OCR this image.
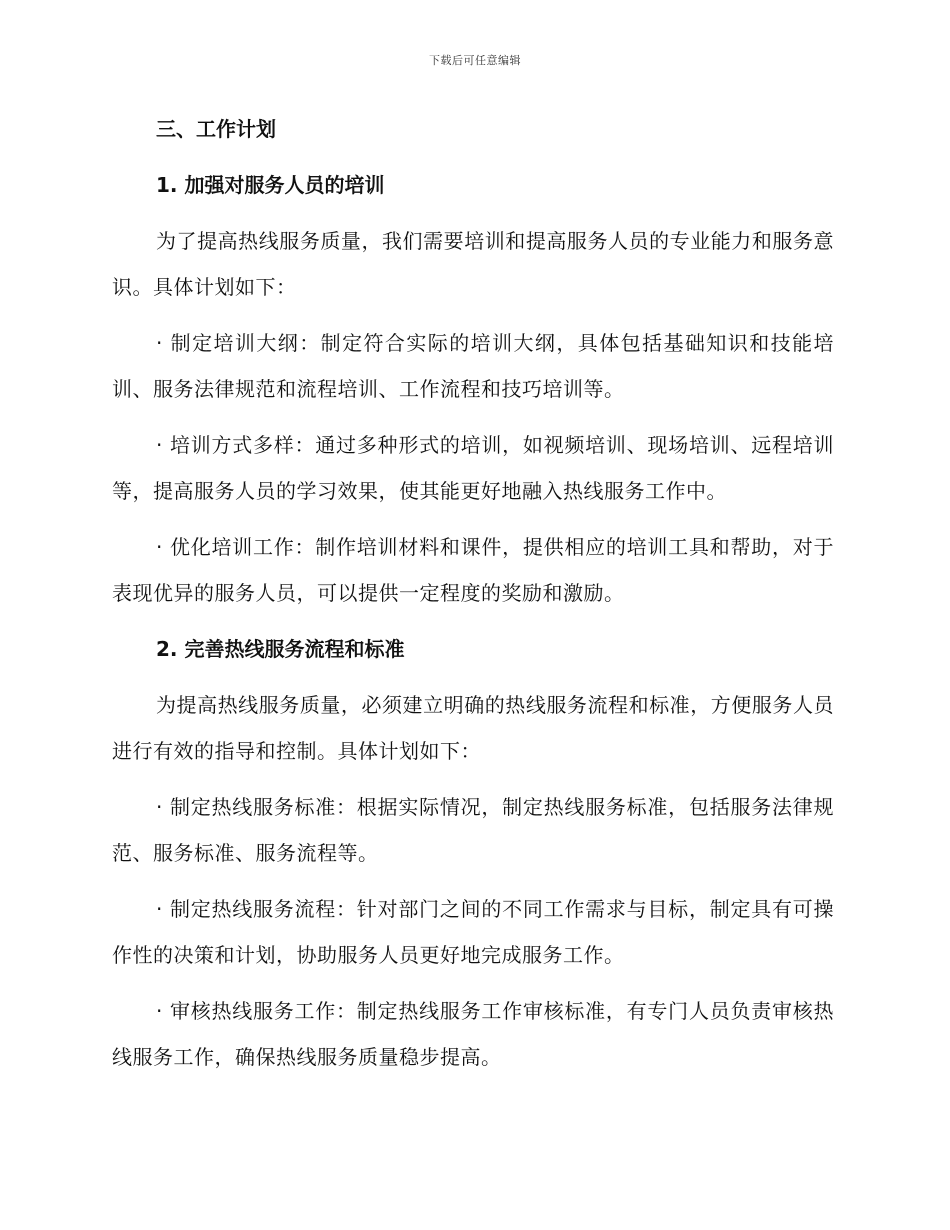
下载后可任意编辑
三、工作计划
1. 加强对服务人员的培训

为了提高热线服务质量，我们需要培训和提高服务人员的专业能力和服务意识。具体计划如下：

· 制定培训大纲：制定符合实际的培训大纲，具体包括基础知识和技能培训、服务法律规范和流程培训、工作流程和技巧培训等。

· 培训方式多样：通过多种形式的培训，如视频培训、现场培训、远程培训等，提高服务人员的学习效果，使其能更好地融入热线服务工作中。

· 优化培训工作：制作培训材料和课件，提供相应的培训工具和帮助，对于表现优异的服务人员，可以提供一定程度的奖励和激励。

2. 完善热线服务流程和标准

为提高热线服务质量，必须建立明确的热线服务流程和标准，方便服务人员进行有效的指导和控制。具体计划如下：

· 制定热线服务标准：根据实际情况，制定热线服务标准，包括服务法律规范、服务标准、服务流程等。

· 制定热线服务流程：针对部门之间的不同工作需求与目标，制定具有可操作性的决策和计划，协助服务人员更好地完成服务工作。

· 审核热线服务工作：制定热线服务工作审核标准，有专门人员负责审核热线服务工作，确保热线服务质量稳步提高。
